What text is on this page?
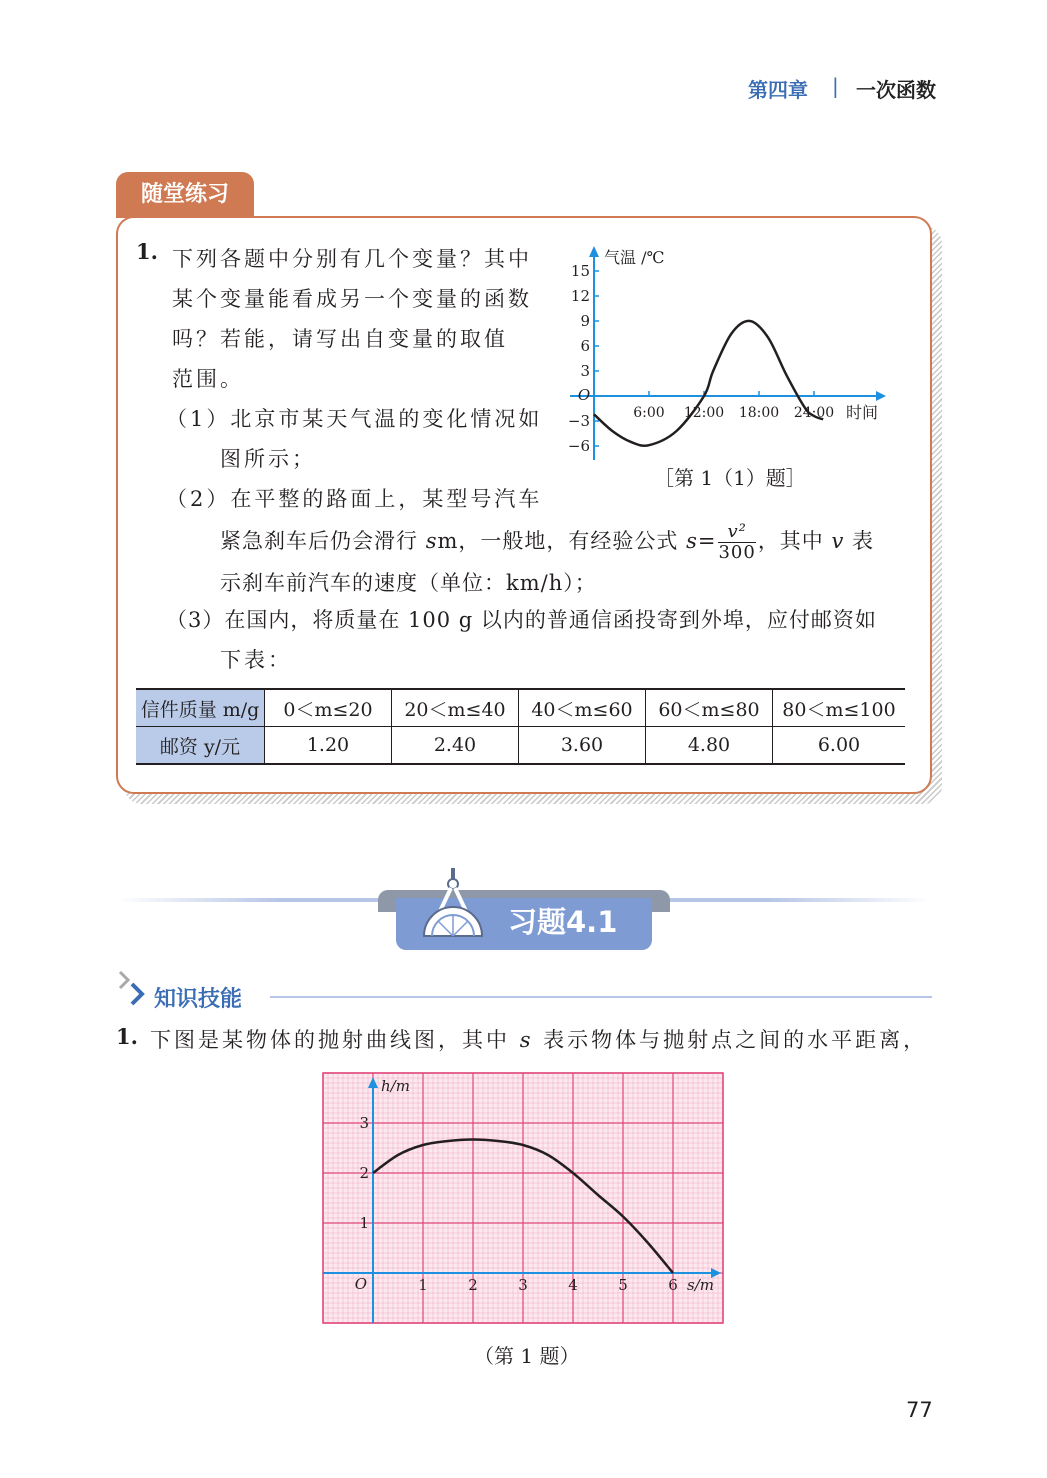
第四章 | 一次函数
随堂练习
1. 下列各题中分别有几个变量？其中
某个变量能看成另一个变量的函数
吗？若能，请写出自变量的取值
范围。
（1）北京市某天气温的变化情况如
图所示；
（2）在平整的路面上，某型号汽车
紧急刹车后仍会滑行 sm，一般地，有经验公式 $s= \frac{\text{v²}}{300}$ ，其中 v 表
示刹车前汽车的速度（单位：km/h）；
（3）在国内，将质量在 100 g 以内的普通信函投寄到外埠，应付邮资如
下表：
−6
−3
3
6
9
12
15
6:00 12:00 18:00 24:00
O
气温 /℃
时间
［第 1（1）题］
信件质量 m/g	0＜m≤20	20＜m≤40	40＜m≤60	60＜m≤80	80＜m≤100
邮资 y/元	1.20	2.40	3.60	4.80	6.00
习题4.1
知识技能
1. 下图是某物体的抛射曲线图，其中 s 表示物体与抛射点之间的水平距离，
1	2	3	4	5	6
1
2
3
O
h/m
s/m
（第 1 题）
77
